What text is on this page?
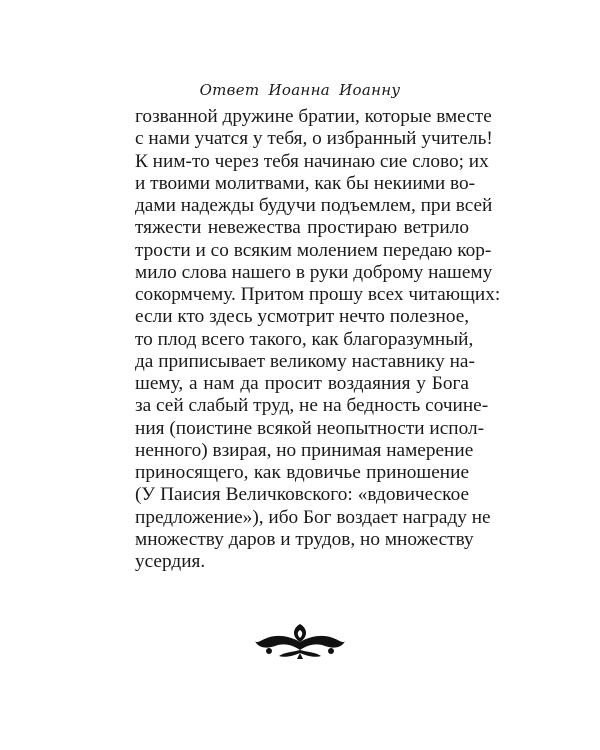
Ответ Иоанна Иоанну
гозванной дружине братии, которые вместе
с нами учатся у тебя, о избранный учитель!
К ним-то через тебя начинаю сие слово; их
и твоими молитвами, как бы некиими во-
дами надежды будучи подъемлем, при всей
тяжести невежества простираю ветрило
трости и со всяким молением передаю кор-
мило слова нашего в руки доброму нашему
сокормчему. Притом прошу всех читающих:
если кто здесь усмотрит нечто полезное,
то плод всего такого, как благоразумный,
да приписывает великому наставнику на-
шему, а нам да просит воздаяния у Бога
за сей слабый труд, не на бедность сочине-
ния (поистине всякой неопытности испол-
ненного) взирая, но принимая намерение
приносящего, как вдовичье приношение
(У Паисия Величковского: «вдовическое
предложение»), ибо Бог воздает награду не
множеству даров и трудов, но множеству
усердия.
